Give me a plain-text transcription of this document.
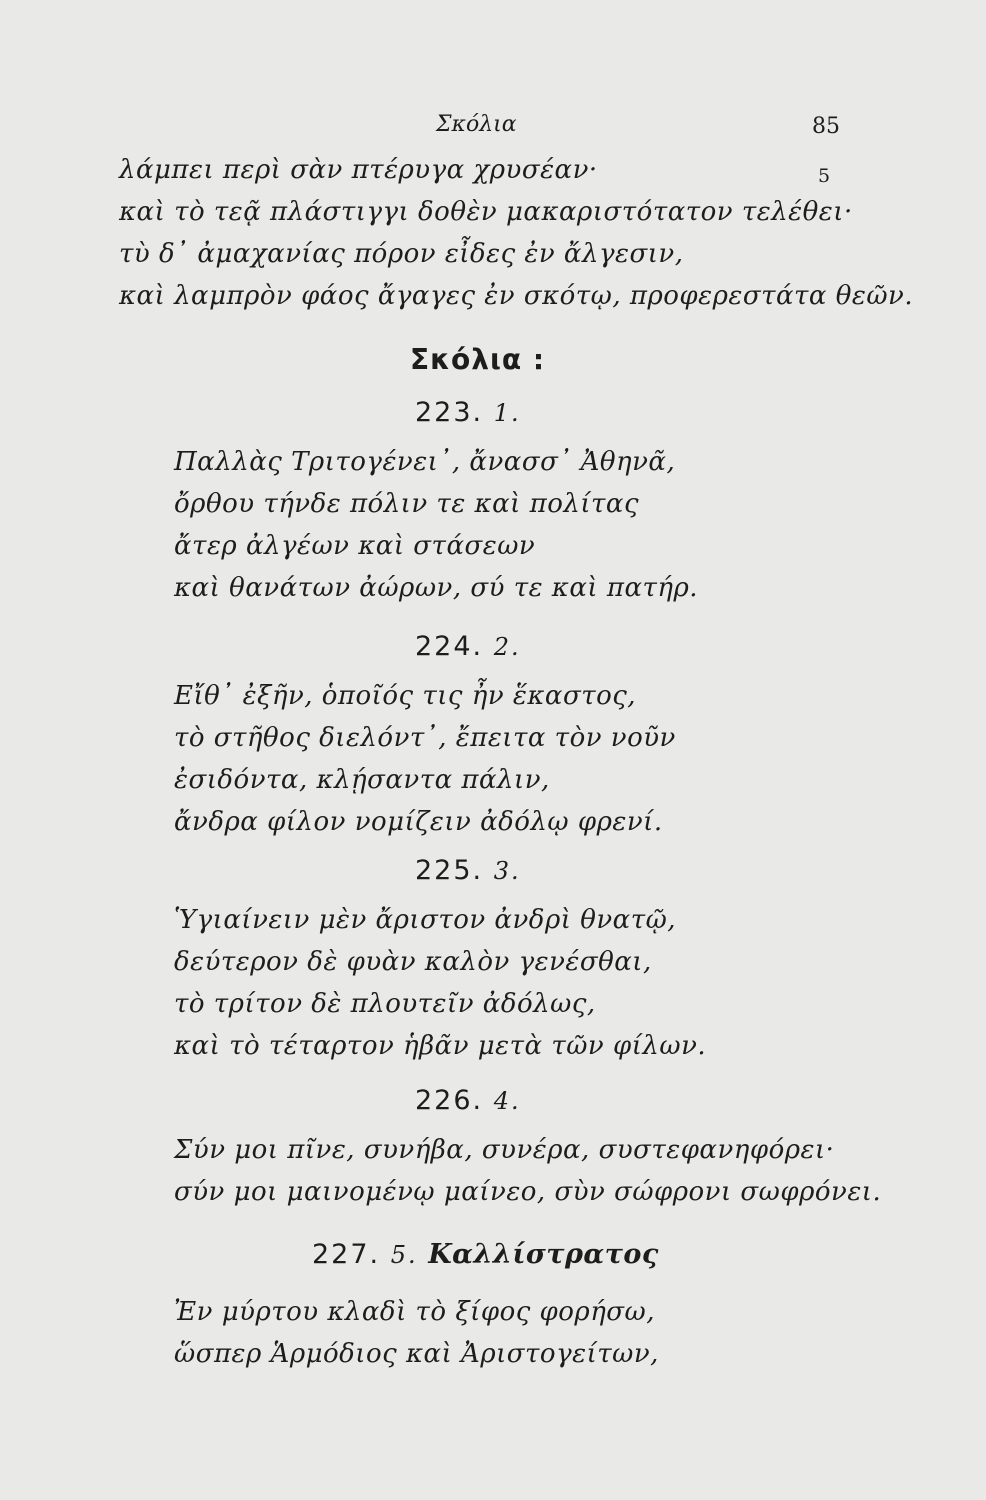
Σκόλια	85
5
λάμπει περὶ σὰν πτέρυγα χρυσέαν·
καὶ τὸ τεᾷ πλάστιγγι δοθὲν μακαριστότατον τελέθει·
τὺ δ᾽ ἀμαχανίας πόρον εἶδες ἐν ἄλγεσιν,
καὶ λαμπρὸν φάος ἄγαγες ἐν σκότῳ, προφερεστάτα θεῶν.
Σκόλια :
223. 1.
Παλλὰς Τριτογένει᾽, ἄνασσ᾽ Ἀθηνᾶ,
ὄρθου τήνδε πόλιν τε καὶ πολίτας
ἄτερ ἀλγέων καὶ στάσεων
καὶ θανάτων ἀώρων, σύ τε καὶ πατήρ.
224. 2.
Εἴθ᾽ ἐξῆν, ὁποῖός τις ἦν ἕκαστος,
τὸ στῆθος διελόντ᾽, ἔπειτα τὸν νοῦν
ἐσιδόντα, κλῄσαντα πάλιν,
ἄνδρα φίλον νομίζειν ἀδόλῳ φρενί.
225. 3.
Ὑγιαίνειν μὲν ἄριστον ἀνδρὶ θνατῷ,
δεύτερον δὲ φυὰν καλὸν γενέσθαι,
τὸ τρίτον δὲ πλουτεῖν ἀδόλως,
καὶ τὸ τέταρτον ἡβᾶν μετὰ τῶν φίλων.
226. 4.
Σύν μοι πῖνε, συνήβα, συνέρα, συστεφανηφόρει·
σύν μοι μαινομένῳ μαίνεο, σὺν σώφρονι σωφρόνει.
227. 5. Καλλίστρατος
Ἐν μύρτου κλαδὶ τὸ ξίφος φορήσω,
ὥσπερ Ἁρμόδιος καὶ Ἀριστογείτων,
